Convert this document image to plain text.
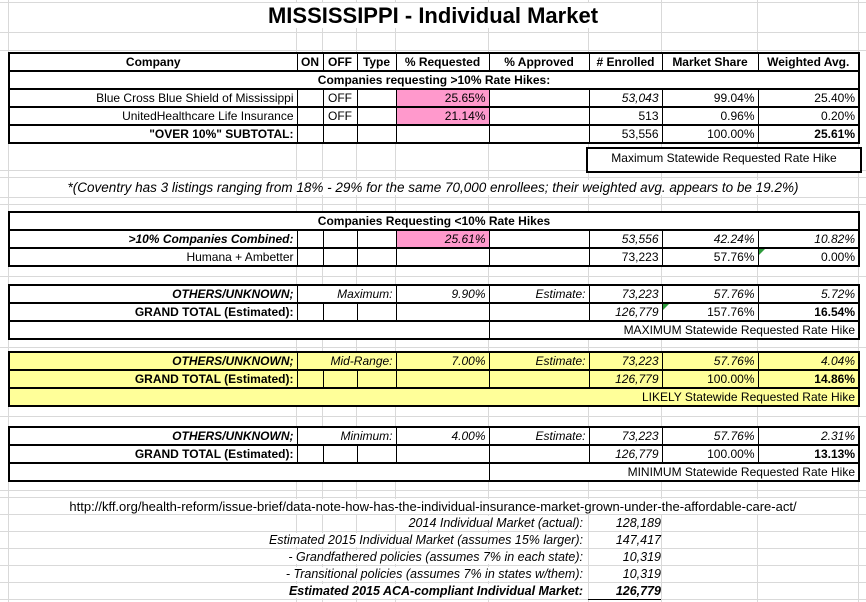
MISSISSIPPI - Individual Market
Company	ON	OFF	Type	% Requested	% Approved	# Enrolled	Market Share	Weighted Avg.
Companies requesting >10% Rate Hikes:								
Blue Cross Blue Shield of Mississippi		OFF		25.65%		53,043	99.04%	25.40%
UnitedHealthcare Life Insurance		OFF		21.14%		513	0.96%	0.20%
"OVER 10%" SUBTOTAL:						53,556	100.00%	25.61%
Maximum Statewide Requested Rate Hike
*(Coventry has 3 listings ranging from 18% - 29% for the same 70,000 enrollees; their weighted avg. appears to be 19.2%)
Companies Requesting <10% Rate Hikes								
>10% Companies Combined:				25.61%		53,556	42.24%	10.82%
Humana + Ambetter						73,223	57.76%	0.00%
OTHERS/UNKNOWN;	Maximum:			9.90%	Estimate:	73,223	57.76%	5.72%
GRAND TOTAL (Estimated):						126,779	157.76%	16.54%
					MAXIMUM Statewide Requested Rate Hike			
OTHERS/UNKNOWN;	Mid-Range:			7.00%	Estimate:	73,223	57.76%	4.04%
GRAND TOTAL (Estimated):						126,779	100.00%	14.86%
LIKELY Statewide Requested Rate Hike								
OTHERS/UNKNOWN;	Minimum:			4.00%	Estimate:	73,223	57.76%	2.31%
GRAND TOTAL (Estimated):						126,779	100.00%	13.13%
					MINIMUM Statewide Requested Rate Hike			
http://kff.org/health-reform/issue-brief/data-note-how-has-the-individual-insurance-market-grown-under-the-affordable-care-act/
2014 Individual Market (actual):	128,189
Estimated 2015 Individual Market (assumes 15% larger):	147,417
- Grandfathered policies (assumes 7% in each state):	10,319
- Transitional policies (assumes 7% in states w/them):	10,319
Estimated 2015 ACA-compliant Individual Market:	126,779
